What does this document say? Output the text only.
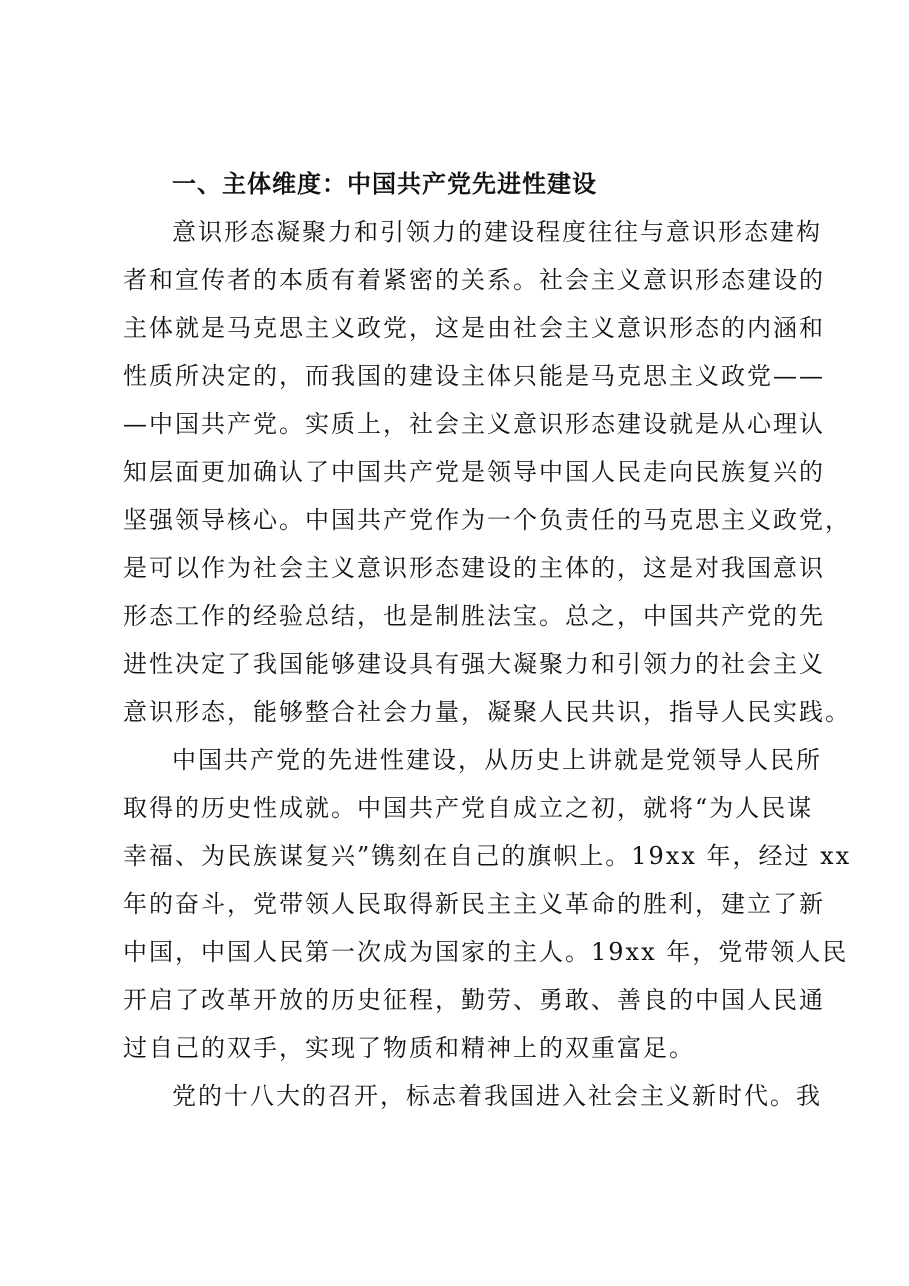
一、主体维度：中国共产党先进性建设
意识形态凝聚力和引领力的建设程度往往与意识形态建构
者和宣传者的本质有着紧密的关系。社会主义意识形态建设的
主体就是马克思主义政党，这是由社会主义意识形态的内涵和
性质所决定的，而我国的建设主体只能是马克思主义政党——
—中国共产党。实质上，社会主义意识形态建设就是从心理认
知层面更加确认了中国共产党是领导中国人民走向民族复兴的
坚强领导核心。中国共产党作为一个负责任的马克思主义政党，
是可以作为社会主义意识形态建设的主体的，这是对我国意识
形态工作的经验总结，也是制胜法宝。总之，中国共产党的先
进性决定了我国能够建设具有强大凝聚力和引领力的社会主义
意识形态，能够整合社会力量，凝聚人民共识，指导人民实践。
中国共产党的先进性建设，从历史上讲就是党领导人民所
取得的历史性成就。中国共产党自成立之初，就将“为人民谋
幸福、为民族谋复兴”镌刻在自己的旗帜上。19xx 年，经过 xx
年的奋斗，党带领人民取得新民主主义革命的胜利，建立了新
中国，中国人民第一次成为国家的主人。19xx 年，党带领人民
开启了改革开放的历史征程，勤劳、勇敢、善良的中国人民通
过自己的双手，实现了物质和精神上的双重富足。
党的十八大的召开，标志着我国进入社会主义新时代。我
